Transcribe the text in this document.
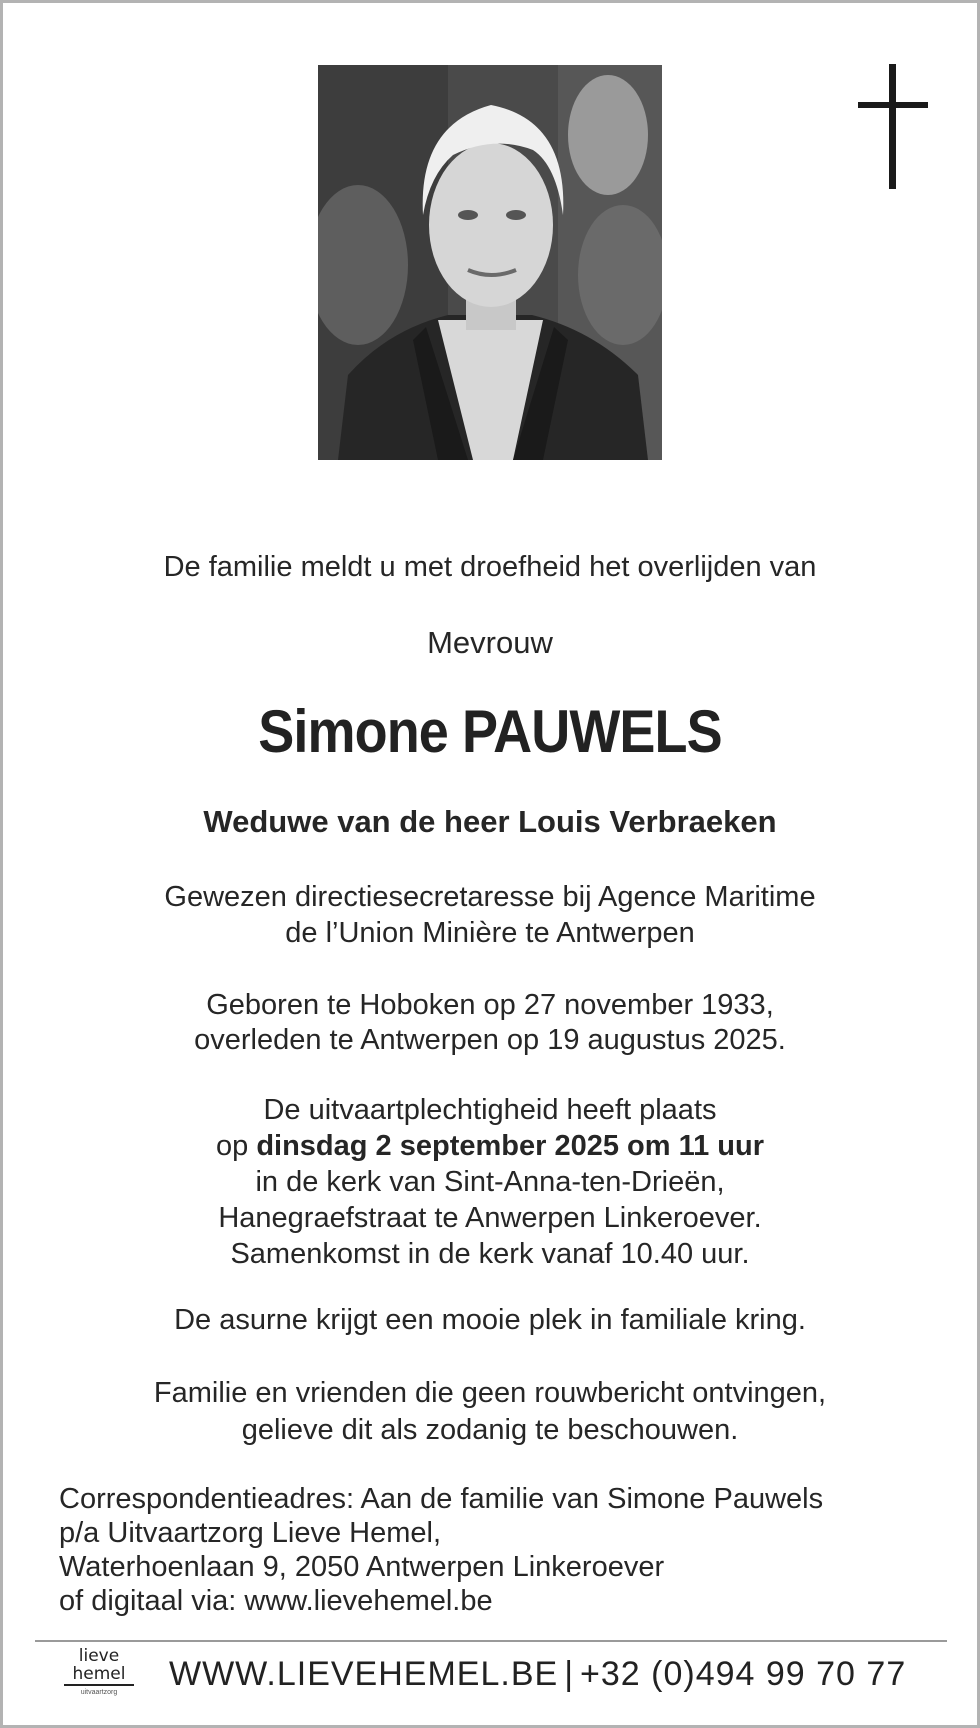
De familie meldt u met droefheid het overlijden van
Mevrouw
Simone PAUWELS
Weduwe van de heer Louis Verbraeken
Gewezen directiesecretaresse bij Agence Maritime
de l’Union Minière te Antwerpen
Geboren te Hoboken op 27 november 1933,
overleden te Antwerpen op 19 augustus 2025.
De uitvaartplechtigheid heeft plaats
op dinsdag 2 september 2025 om 11 uur
in de kerk van Sint-Anna-ten-Drieën,
Hanegraefstraat te Anwerpen Linkeroever.
Samenkomst in de kerk vanaf 10.40 uur.
De asurne krijgt een mooie plek in familiale kring.
Familie en vrienden die geen rouwbericht ontvingen,
gelieve dit als zodanig te beschouwen.
Correspondentieadres: Aan de familie van Simone Pauwels
p/a Uitvaartzorg Lieve Hemel,
Waterhoenlaan 9, 2050 Antwerpen Linkeroever
of digitaal via: www.lievehemel.be
lieve
hemel
uitvaartzorg	WWW.LIEVEHEMEL.BE | +32 (0)494 99 70 77
